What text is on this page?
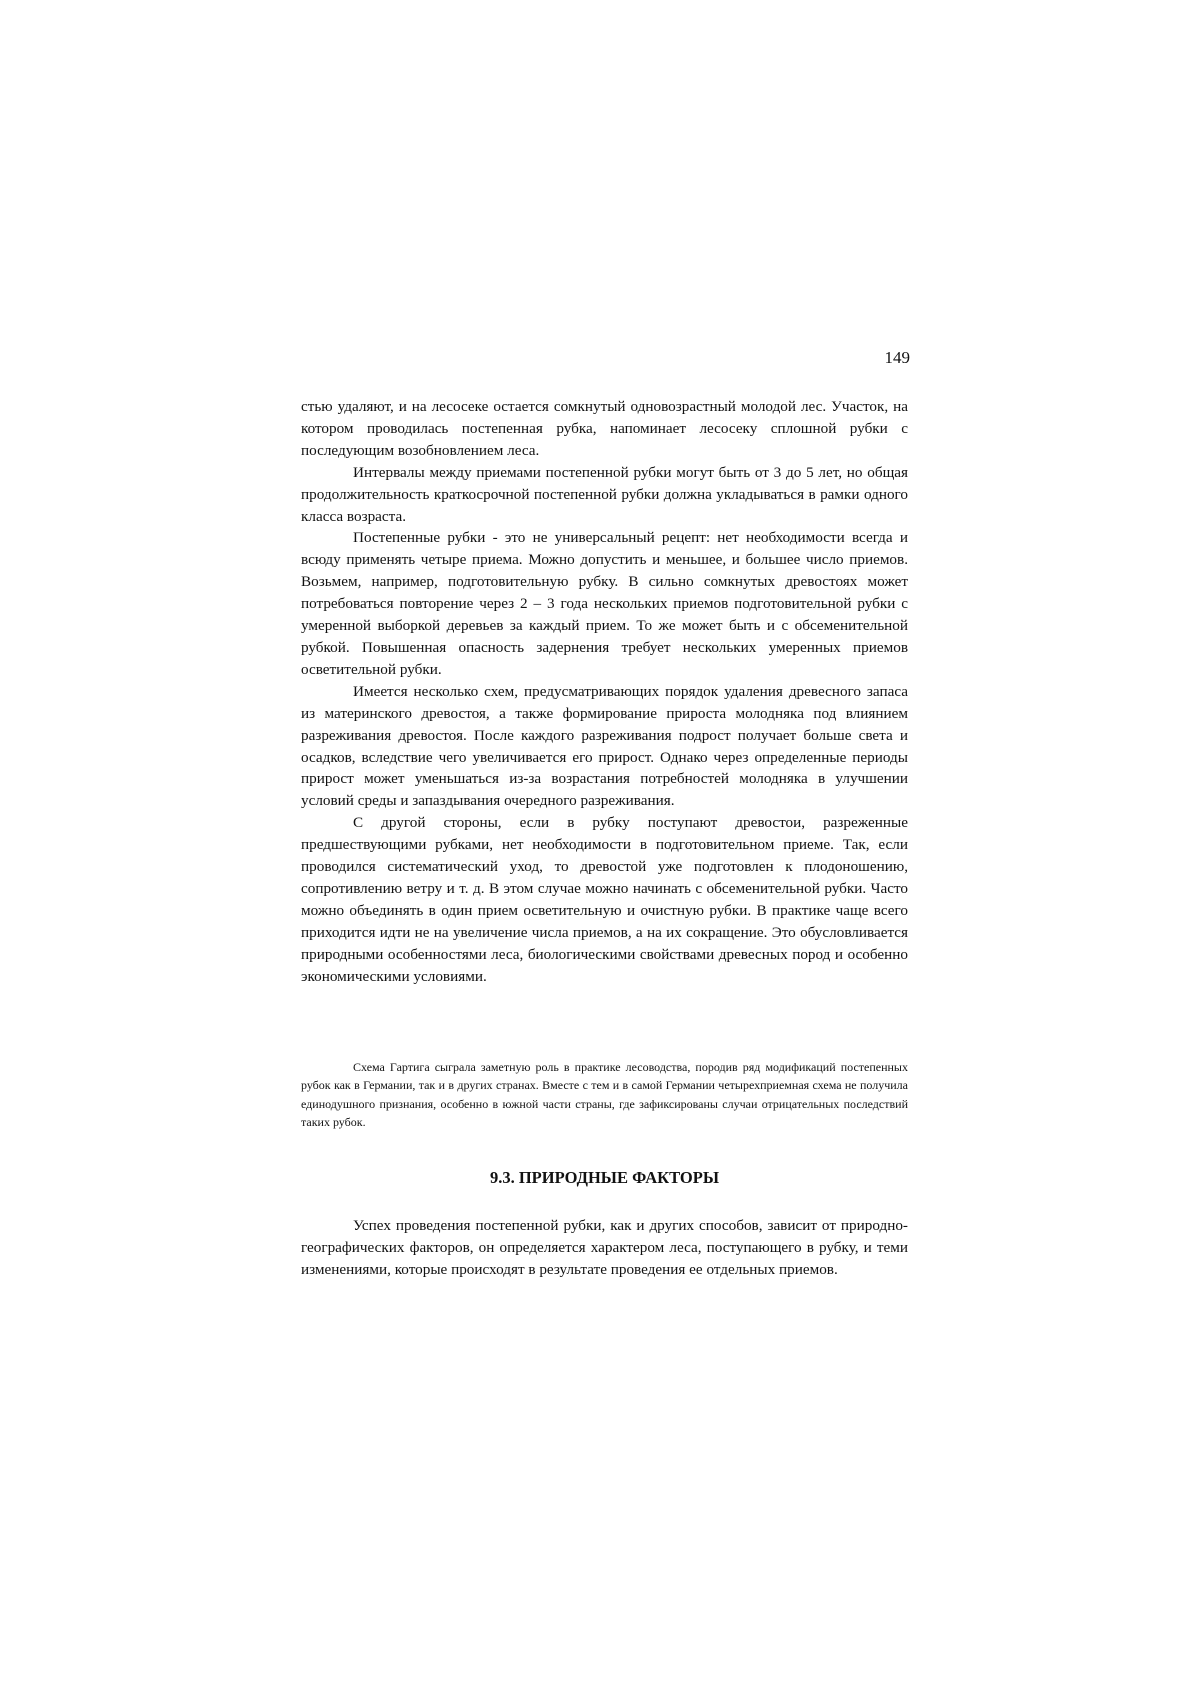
149

стью удаляют, и на лесосеке остается сомкнутый одновозрастный молодой лес. Участок, на котором проводилась постепенная рубка, напоминает лесосеку сплошной рубки с последующим возобновлением леса.

Интервалы между приемами постепенной рубки могут быть от 3 до 5 лет, но общая продолжительность краткосрочной постепенной рубки должна укладываться в рамки одного класса возраста.

Постепенные рубки - это не универсальный рецепт: нет необходимости всегда и всюду применять четыре приема. Можно допустить и меньшее, и большее число приемов. Возьмем, например, подготовительную рубку. В сильно сомкнутых древостоях может потребоваться повторение через 2 – 3 года нескольких приемов подготовительной рубки с умеренной выборкой деревьев за каждый прием. То же может быть и с обсеменительной рубкой. Повышенная опасность задернения требует нескольких умеренных приемов осветительной рубки.

Имеется несколько схем, предусматривающих порядок удаления древесного запаса из материнского древостоя, а также формирование прироста молодняка под влиянием разреживания древостоя. После каждого разреживания подрост получает больше света и осадков, вследствие чего увеличивается его прирост. Однако через определенные периоды прирост может уменьшаться из-за возрастания потребностей молодняка в улучшении условий среды и запаздывания очередного разреживания.

С другой стороны, если в рубку поступают древостои, разреженные предшествующими рубками, нет необходимости в подготовительном приеме. Так, если проводился систематический уход, то древостой уже подготовлен к плодоношению, сопротивлению ветру и т. д. В этом случае можно начинать с обсеменительной рубки. Часто можно объединять в один прием осветительную и очистную рубки. В практике чаще всего приходится идти не на увеличение числа приемов, а на их сокращение. Это обусловливается природными особенностями леса, биологическими свойствами древесных пород и особенно экономическими условиями.

Схема Гартига сыграла заметную роль в практике лесоводства, породив ряд модификаций постепенных рубок как в Германии, так и в других странах. Вместе с тем и в самой Германии четырехприемная схема не получила единодушного признания, особенно в южной части страны, где зафиксированы случаи отрицательных последствий таких рубок.

9.3. ПРИРОДНЫЕ ФАКТОРЫ

Успех проведения постепенной рубки, как и других способов, зависит от природно-географических факторов, он определяется характером леса, поступающего в рубку, и теми изменениями, которые происходят в результате проведения ее отдельных приемов.
